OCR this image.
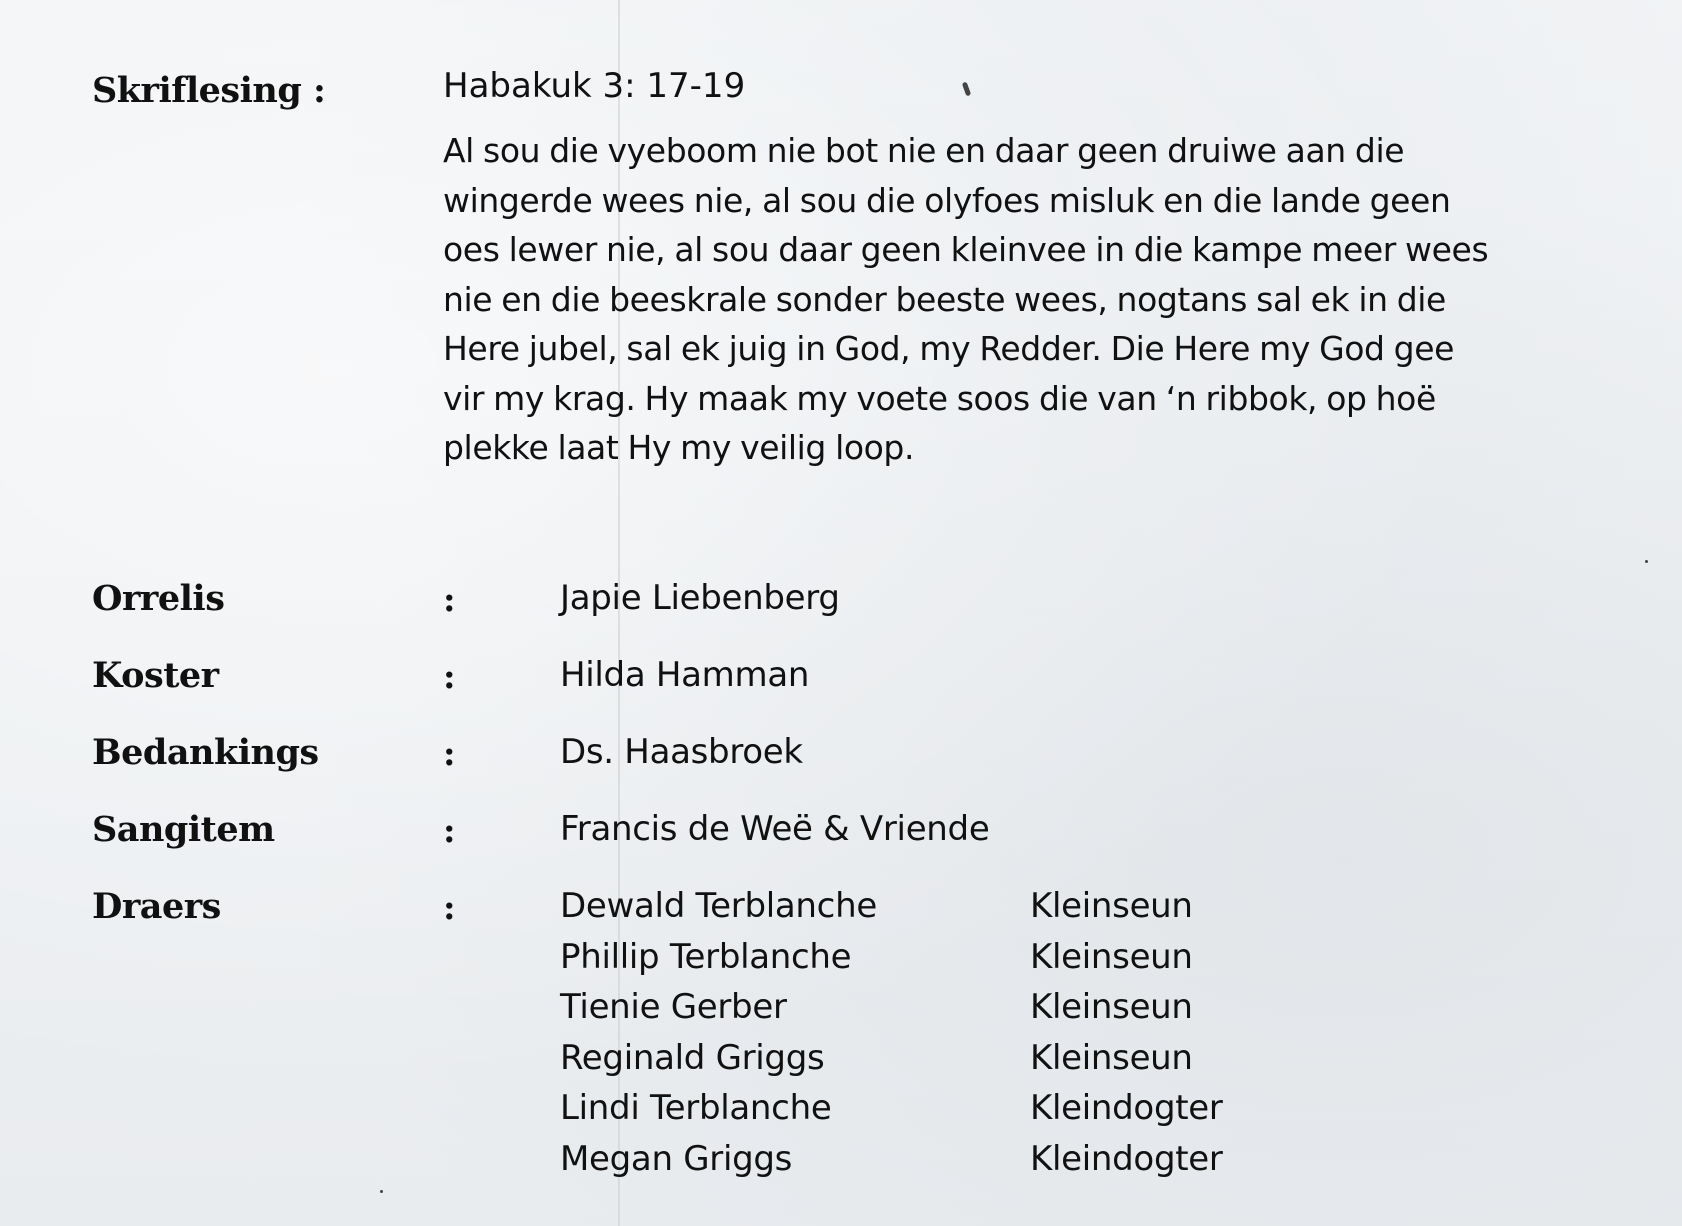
Skriflesing :	Habakuk 3: 17-19
Al sou die vyeboom nie bot nie en daar geen druiwe aan die
wingerde wees nie, al sou die olyfoes misluk en die lande geen
oes lewer nie, al sou daar geen kleinvee in die kampe meer wees
nie en die beeskrale sonder beeste wees, nogtans sal ek in die
Here jubel, sal ek juig in God, my Redder. Die Here my God gee
vir my krag. Hy maak my voete soos die van ‘n ribbok, op hoë
plekke laat Hy my veilig loop.
Orrelis	:	Japie Liebenberg
Koster	:	Hilda Hamman
Bedankings	:	Ds. Haasbroek
Sangitem	:	Francis de Weë & Vriende
Draers	:	Dewald Terblanche	Kleinseun
Phillip Terblanche	Kleinseun
Tienie Gerber	Kleinseun
Reginald Griggs	Kleinseun
Lindi Terblanche	Kleindogter
Megan Griggs	Kleindogter
